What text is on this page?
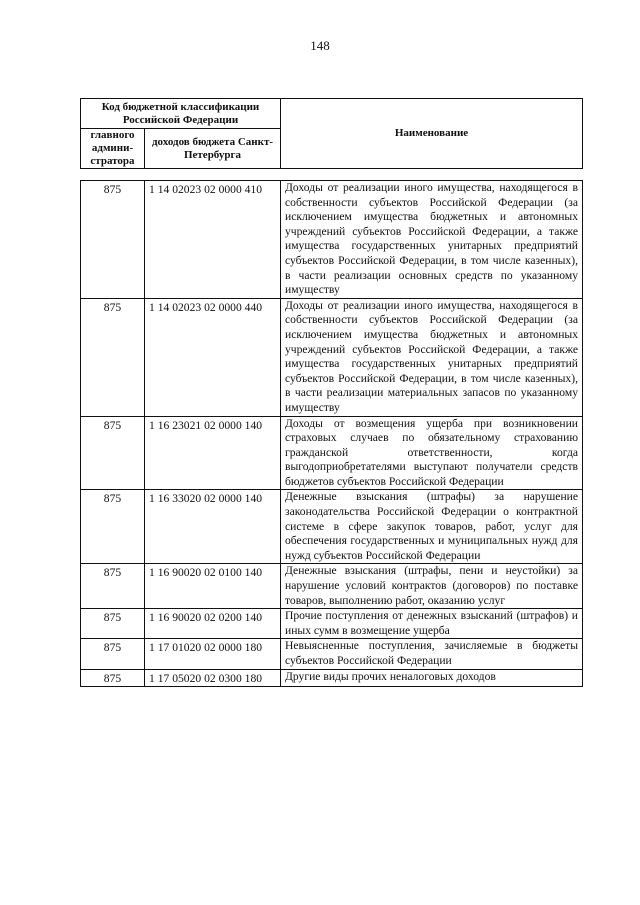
148
Код бюджетной классификации Российской Федерации		Наименование
главного админи-стратора	доходов бюджета Санкт-Петербурга	
875	1 14 02023 02 0000 410	Доходы от реализации иного имущества, находящегося в собственности субъектов Российской Федерации (за исключением имущества бюджетных и автономных учреждений субъектов Российской Федерации, а также имущества государственных унитарных предприятий субъектов Российской Федерации, в том числе казенных), в части реализации основных средств по указанному имуществу
875	1 14 02023 02 0000 440	Доходы от реализации иного имущества, находящегося в собственности субъектов Российской Федерации (за исключением имущества бюджетных и автономных учреждений субъектов Российской Федерации, а также имущества государственных унитарных предприятий субъектов Российской Федерации, в том числе казенных), в части реализации материальных запасов по указанному имуществу
875	1 16 23021 02 0000 140	Доходы от возмещения ущерба при возникновении страховых случаев по обязательному страхованию гражданской ответственности, когда выгодоприобретателями выступают получатели средств бюджетов субъектов Российской Федерации
875	1 16 33020 02 0000 140	Денежные взыскания (штрафы) за нарушение законодательства Российской Федерации о контрактной системе в сфере закупок товаров, работ, услуг для обеспечения государственных и муниципальных нужд для нужд субъектов Российской Федерации
875	1 16 90020 02 0100 140	Денежные взыскания (штрафы, пени и неустойки) за нарушение условий контрактов (договоров) по поставке товаров, выполнению работ, оказанию услуг
875	1 16 90020 02 0200 140	Прочие поступления от денежных взысканий (штрафов) и иных сумм в возмещение ущерба
875	1 17 01020 02 0000 180	Невыясненные поступления, зачисляемые в бюджеты субъектов Российской Федерации
875	1 17 05020 02 0300 180	Другие виды прочих неналоговых доходов
